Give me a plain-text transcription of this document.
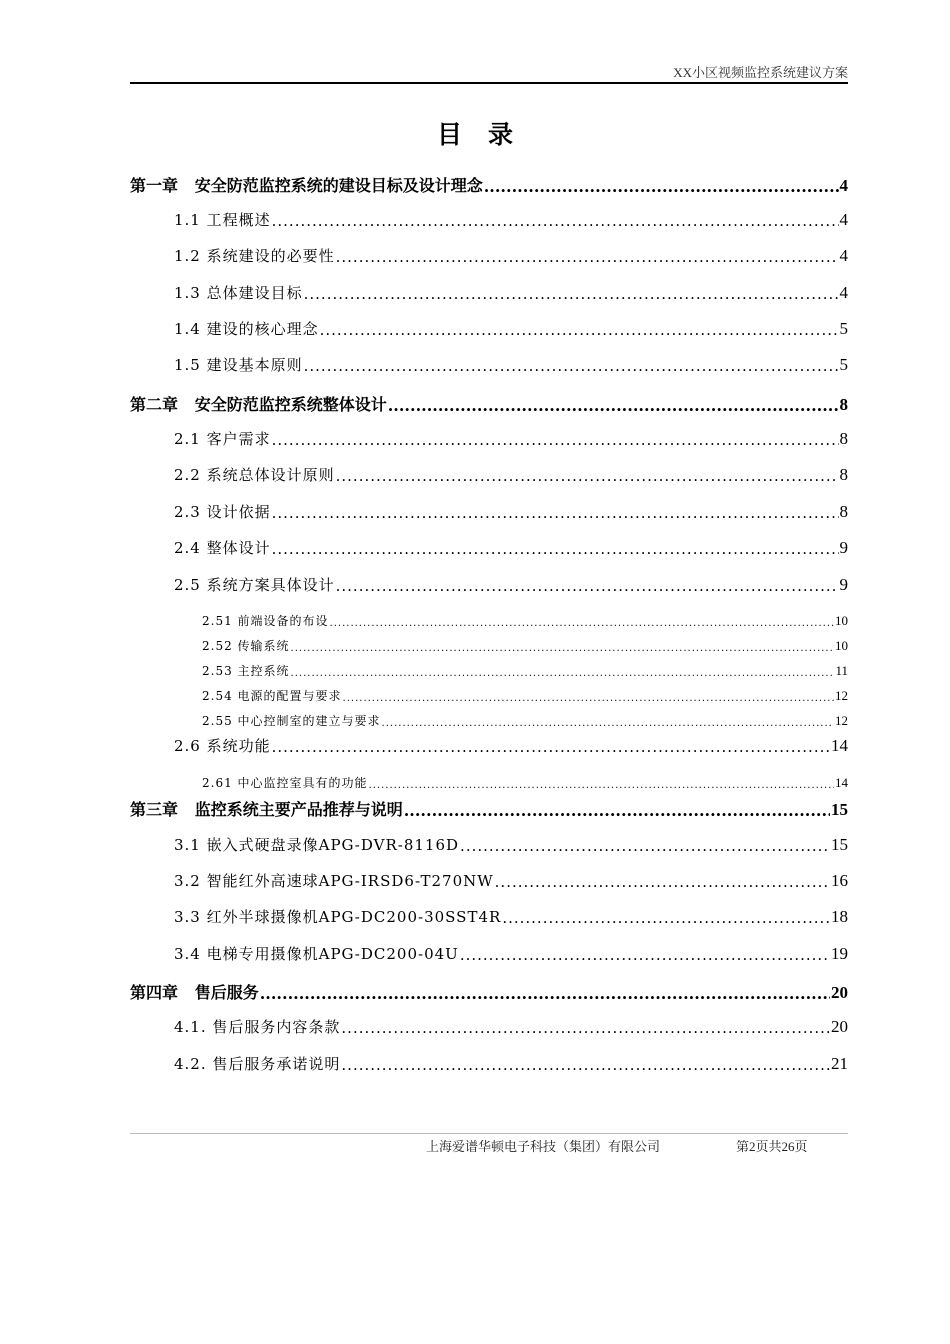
XX小区视频监控系统建议方案
目录
第一章   安全防范监控系统的建设目标及设计理念 .....	4
1.1 工程概述 .....	4
1.2 系统建设的必要性 .....	4
1.3 总体建设目标 .....	4
1.4 建设的核心理念 .....	5
1.5 建设基本原则 .....	5
第二章   安全防范监控系统整体设计 .....	8
2.1 客户需求 .....	8
2.2 系统总体设计原则 .....	8
2.3 设计依据 .....	8
2.4 整体设计 .....	9
2.5 系统方案具体设计 .....	9
2.51 前端设备的布设 .....	10
2.52 传输系统 .....	10
2.53 主控系统 .....	11
2.54 电源的配置与要求 .....	12
2.55 中心控制室的建立与要求 .....	12
2.6 系统功能 .....	14
2.61 中心监控室具有的功能 .....	14
第三章   监控系统主要产品推荐与说明 .....	15
3.1 嵌入式硬盘录像APG-DVR-8116D .....	15
3.2 智能红外高速球APG-IRSD6-T270NW .....	16
3.3 红外半球摄像机APG-DC200-30SST4R .....	18
3.4 电梯专用摄像机APG-DC200-04U .....	19
第四章   售后服务 .....	20
4.1. 售后服务内容条款 .....	20
4.2. 售后服务承诺说明 .....	21
上海爱谱华顿电子科技（集团）有限公司	第2页共26页
